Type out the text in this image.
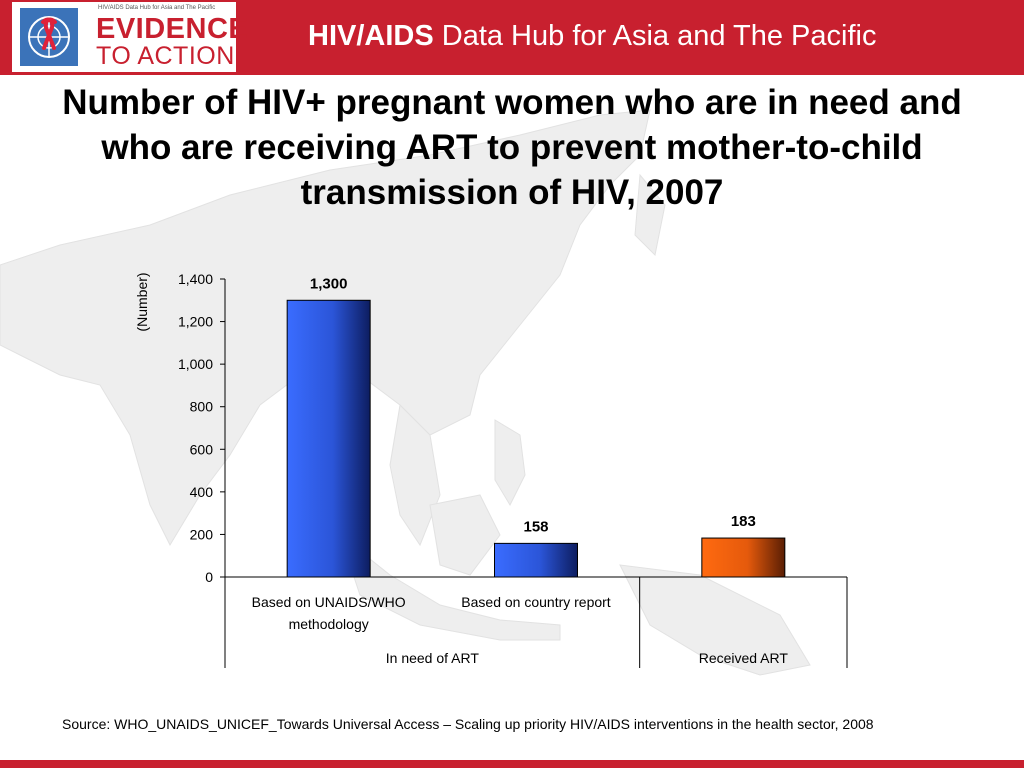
HIV/AIDS Data Hub for Asia and The Pacific
EVIDENCE
TO ACTION
HIV/AIDS Data Hub for Asia and The Pacific
Number of HIV+ pregnant women who are in need and who are receiving ART to prevent mother-to-child transmission of HIV, 2007
0
200
400
600
800
1,000
1,200
1,400
(Number)	1,300
158	183
Based on UNAIDS/WHO
methodology
Based on country report
In need of ART	Received ART
Source: WHO_UNAIDS_UNICEF_Towards Universal Access – Scaling up priority HIV/AIDS interventions in the health sector, 2008
